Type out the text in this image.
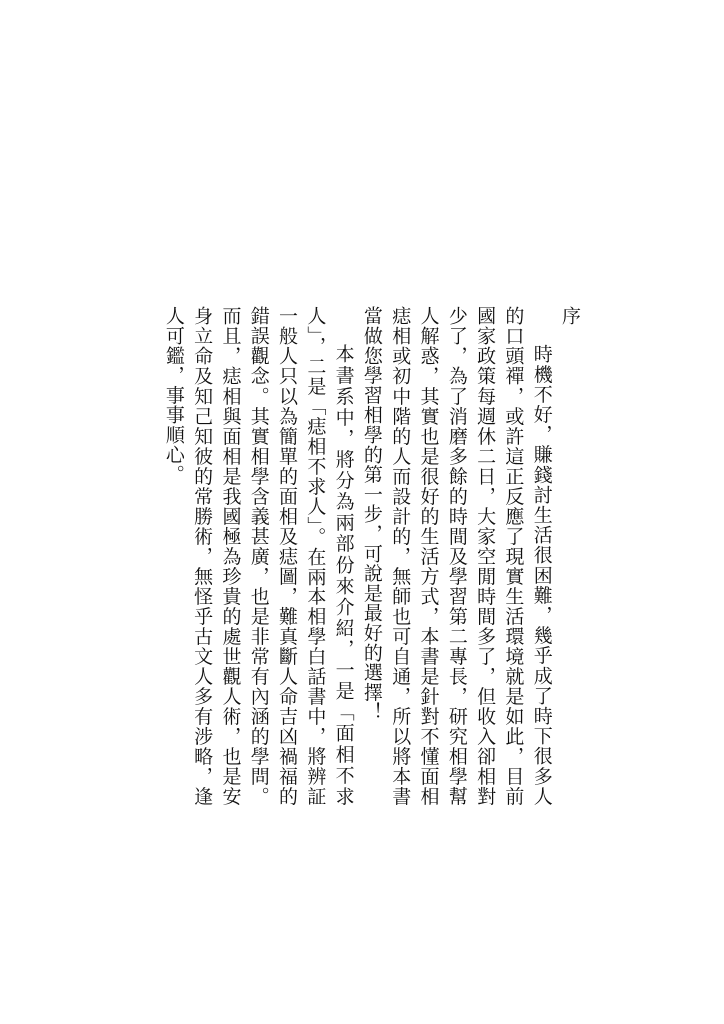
序
時機不好，賺錢討生活很困難，幾乎成了時下很多人的口頭禪，或許這正反應了現實生活環境就是如此，目前國家政策每週休二日，大家空閒時間多了，但收入卻相對少了，為了消磨多餘的時間及學習第二專長，研究相學幫人解惑，其實也是很好的生活方式，本書是針對不懂面相痣相或初中階的人而設計的，無師也可自通，所以將本書當做您學習相學的第一步，可說是最好的選擇！
本書系中，將分為兩部份來介紹，一是「面相不求人」，二是「痣相不求人」。在兩本相學白話書中，將辨証一般人只以為簡單的面相及痣圖，難真斷人命吉凶禍福的錯誤觀念。其實相學含義甚廣，也是非常有內涵的學問。而且，痣相與面相是我國極為珍貴的處世觀人術，也是安身立命及知己知彼的常勝術，無怪乎古文人多有涉略，逢人可鑑，事事順心。
